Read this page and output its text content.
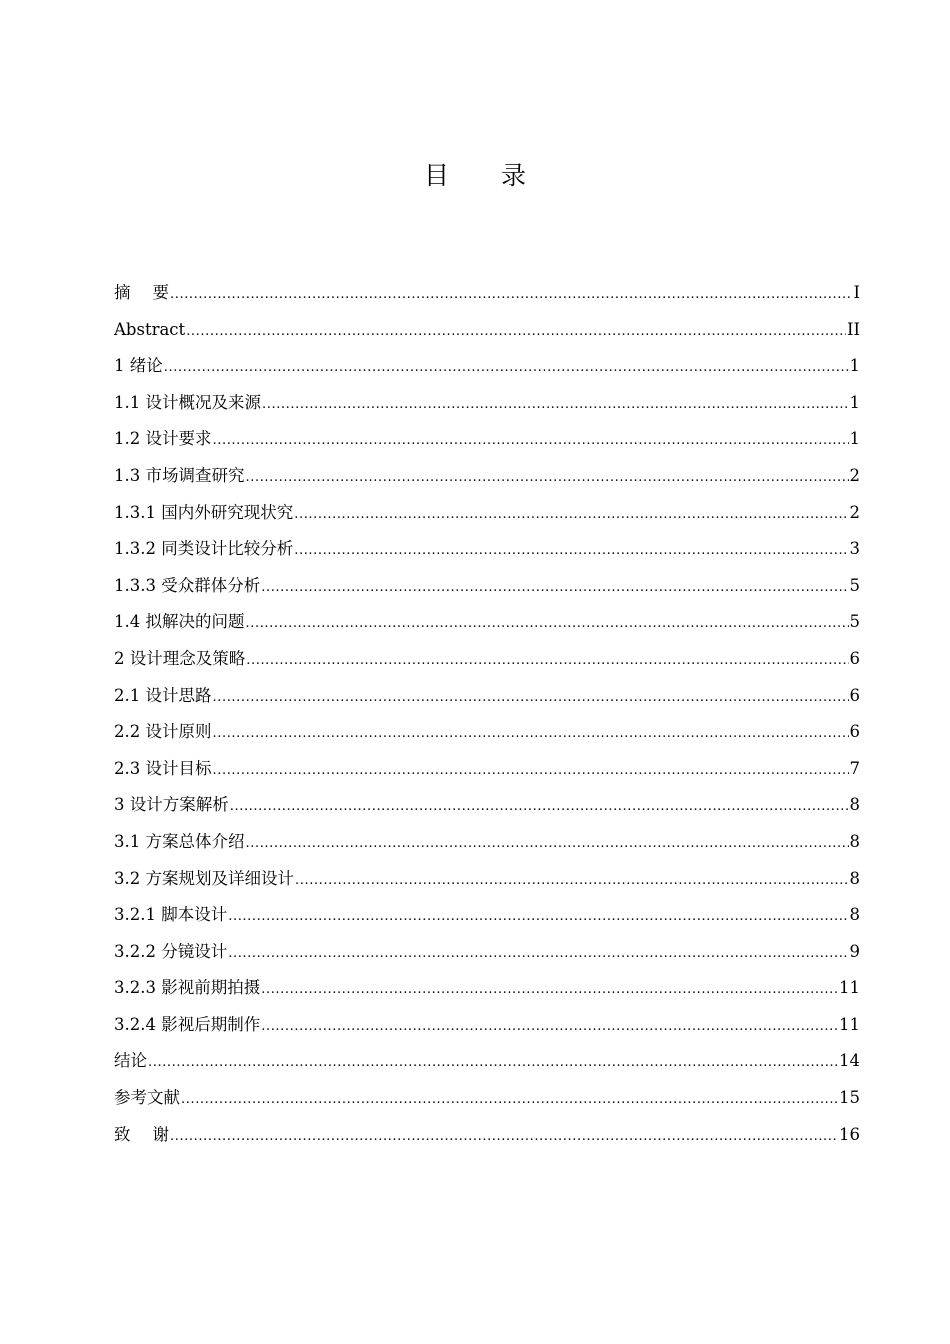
目 录
摘要 .....	I
Abstract .....	II
1 绪论 .....	1
1.1 设计概况及来源 .....	1
1.2 设计要求 .....	1
1.3 市场调查研究 .....	2
1.3.1 国内外研究现状究 .....	2
1.3.2 同类设计比较分析 .....	3
1.3.3 受众群体分析 .....	5
1.4 拟解决的问题 .....	5
2 设计理念及策略 .....	6
2.1 设计思路 .....	6
2.2 设计原则 .....	6
2.3 设计目标 .....	7
3 设计方案解析 .....	8
3.1 方案总体介绍 .....	8
3.2 方案规划及详细设计 .....	8
3.2.1 脚本设计 .....	8
3.2.2 分镜设计 .....	9
3.2.3 影视前期拍摄 .....	11
3.2.4 影视后期制作 .....	11
结论 .....	14
参考文献 .....	15
致谢 .....	16
